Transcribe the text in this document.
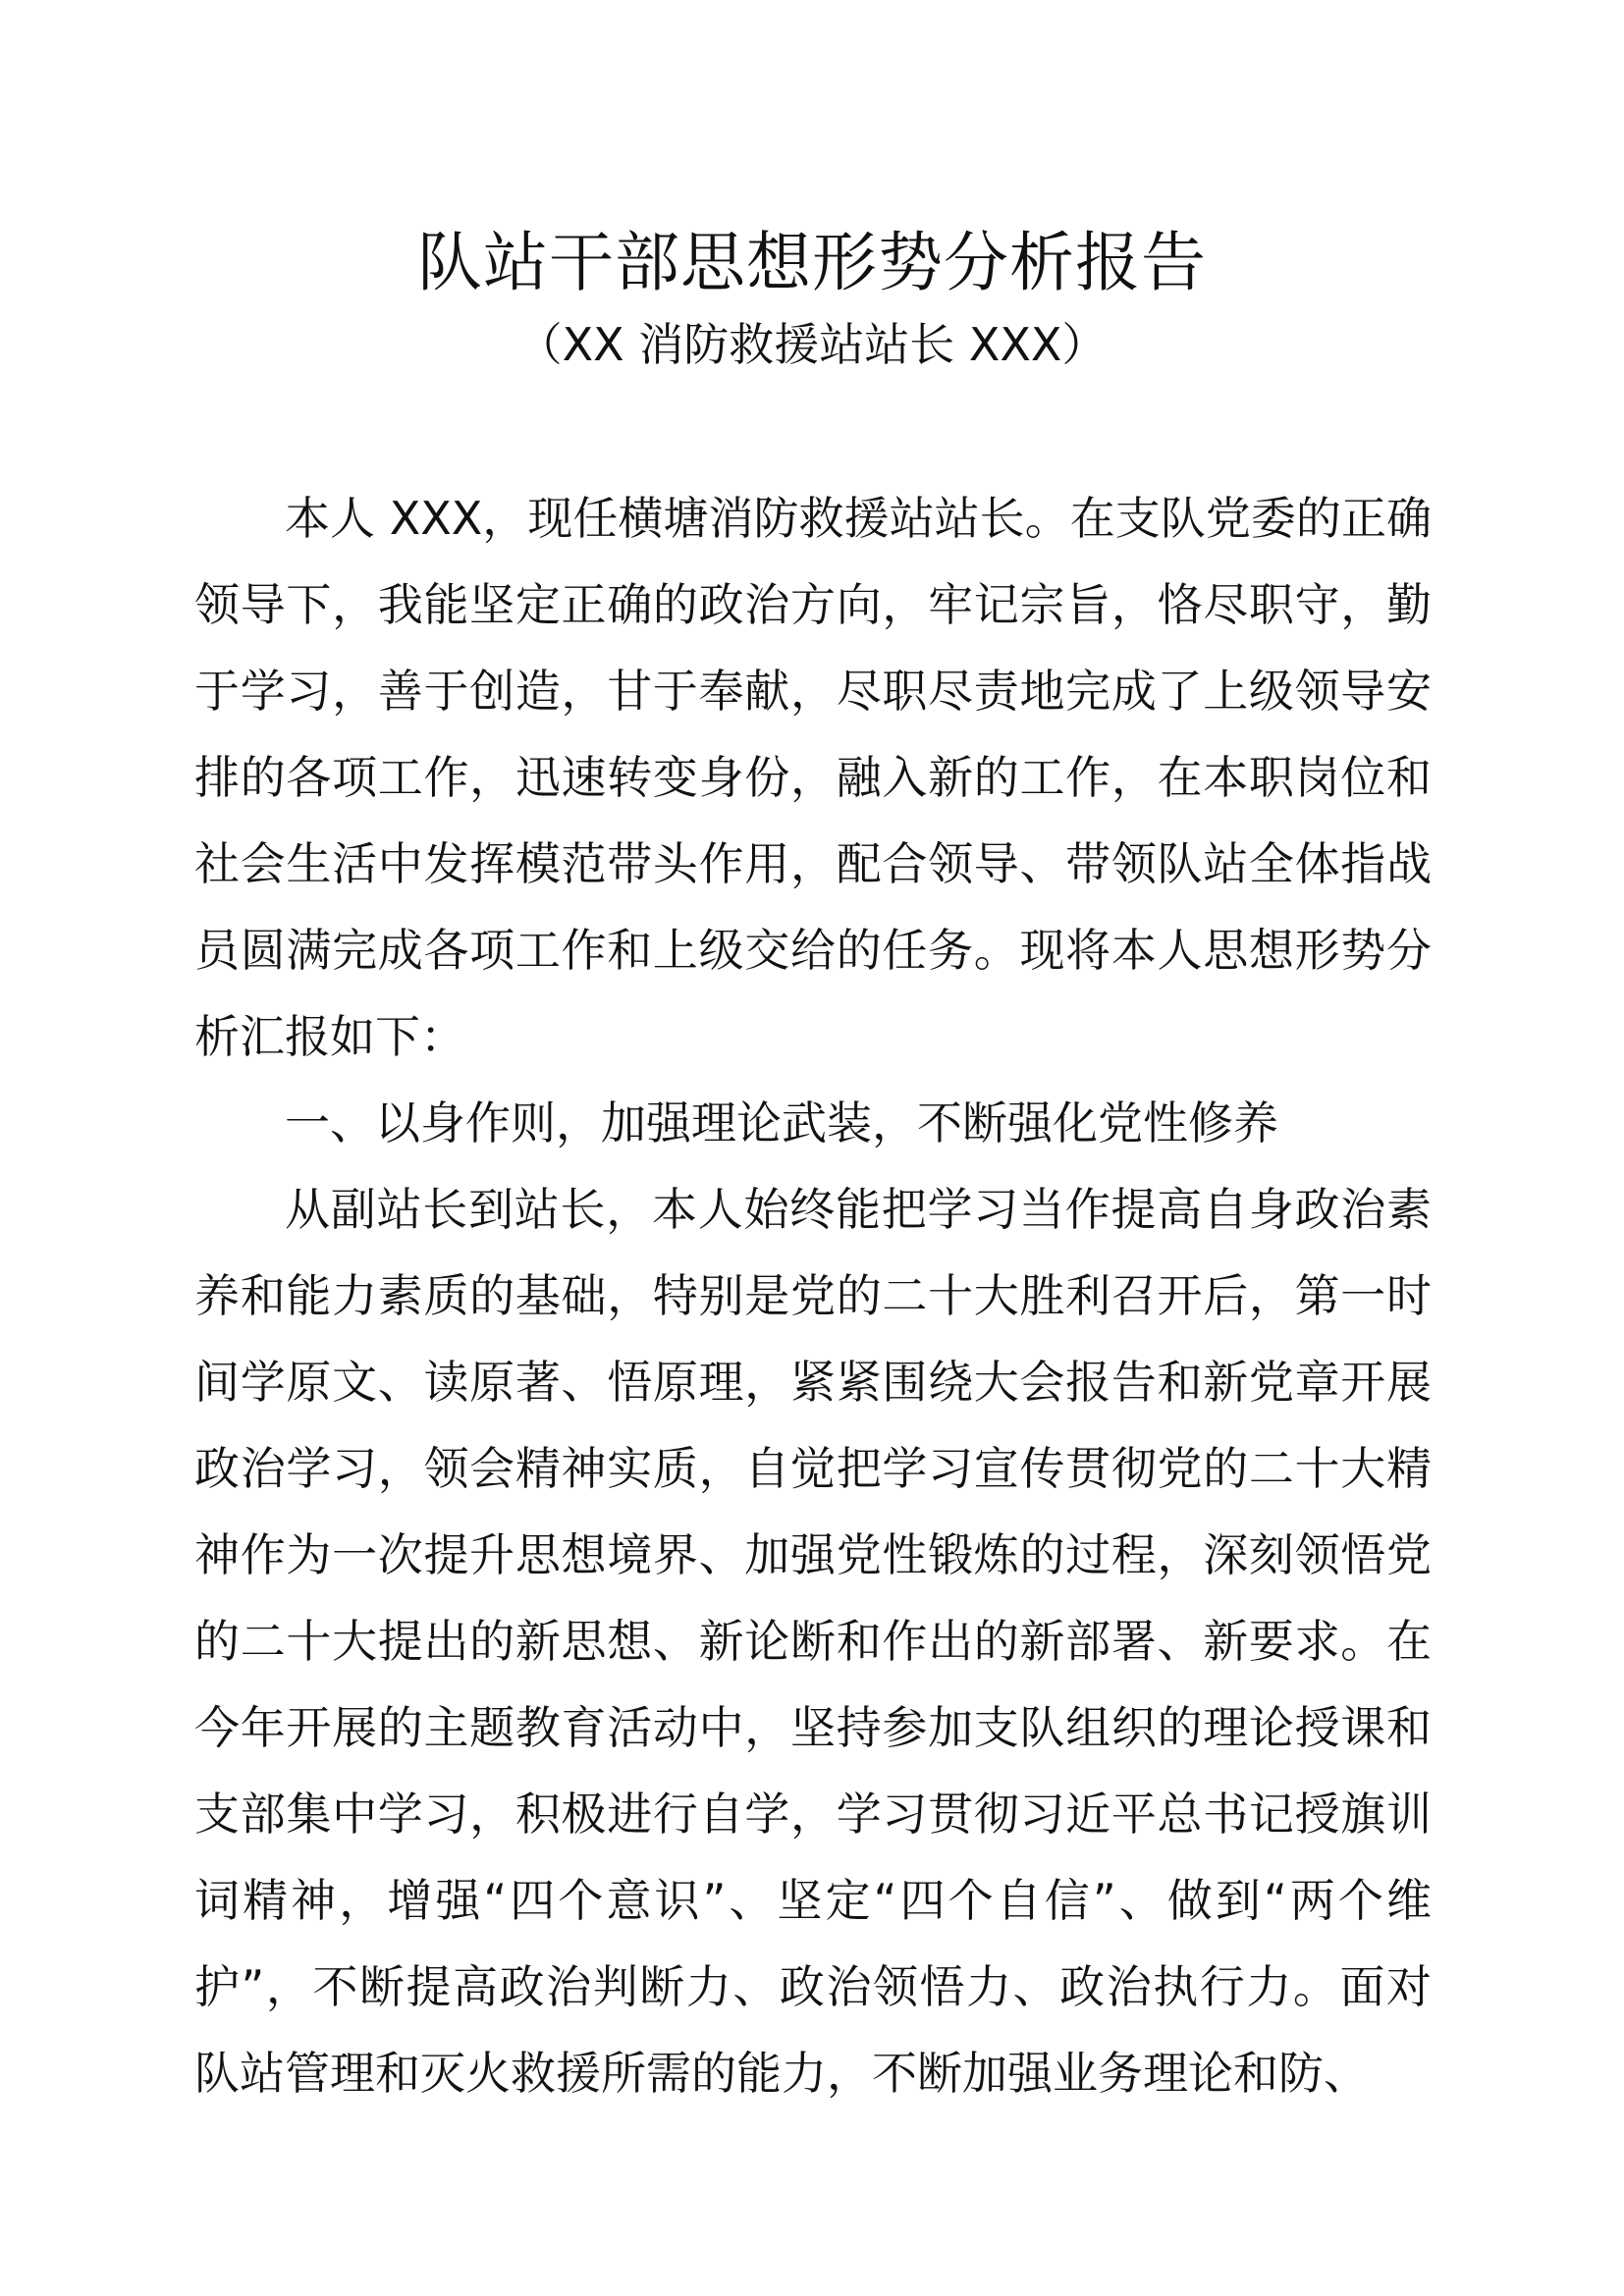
队站干部思想形势分析报告
（XX 消防救援站站长 XXX）

本人 XXX，现任横塘消防救援站站长。在支队党委的正确领导下，我能坚定正确的政治方向，牢记宗旨，恪尽职守，勤于学习，善于创造，甘于奉献，尽职尽责地完成了上级领导安排的各项工作，迅速转变身份，融入新的工作，在本职岗位和社会生活中发挥模范带头作用，配合领导、带领队站全体指战员圆满完成各项工作和上级交给的任务。现将本人思想形势分析汇报如下：

一、以身作则，加强理论武装，不断强化党性修养

从副站长到站长，本人始终能把学习当作提高自身政治素养和能力素质的基础，特别是党的二十大胜利召开后，第一时间学原文、读原著、悟原理，紧紧围绕大会报告和新党章开展政治学习，领会精神实质，自觉把学习宣传贯彻党的二十大精神作为一次提升思想境界、加强党性锻炼的过程，深刻领悟党的二十大提出的新思想、新论断和作出的新部署、新要求。在今年开展的主题教育活动中，坚持参加支队组织的理论授课和支部集中学习，积极进行自学，学习贯彻习近平总书记授旗训词精神，增强“四个意识”、坚定“四个自信”、做到“两个维护”，不断提高政治判断力、政治领悟力、政治执行力。面对队站管理和灭火救援所需的能力，不断加强业务理论和防、
